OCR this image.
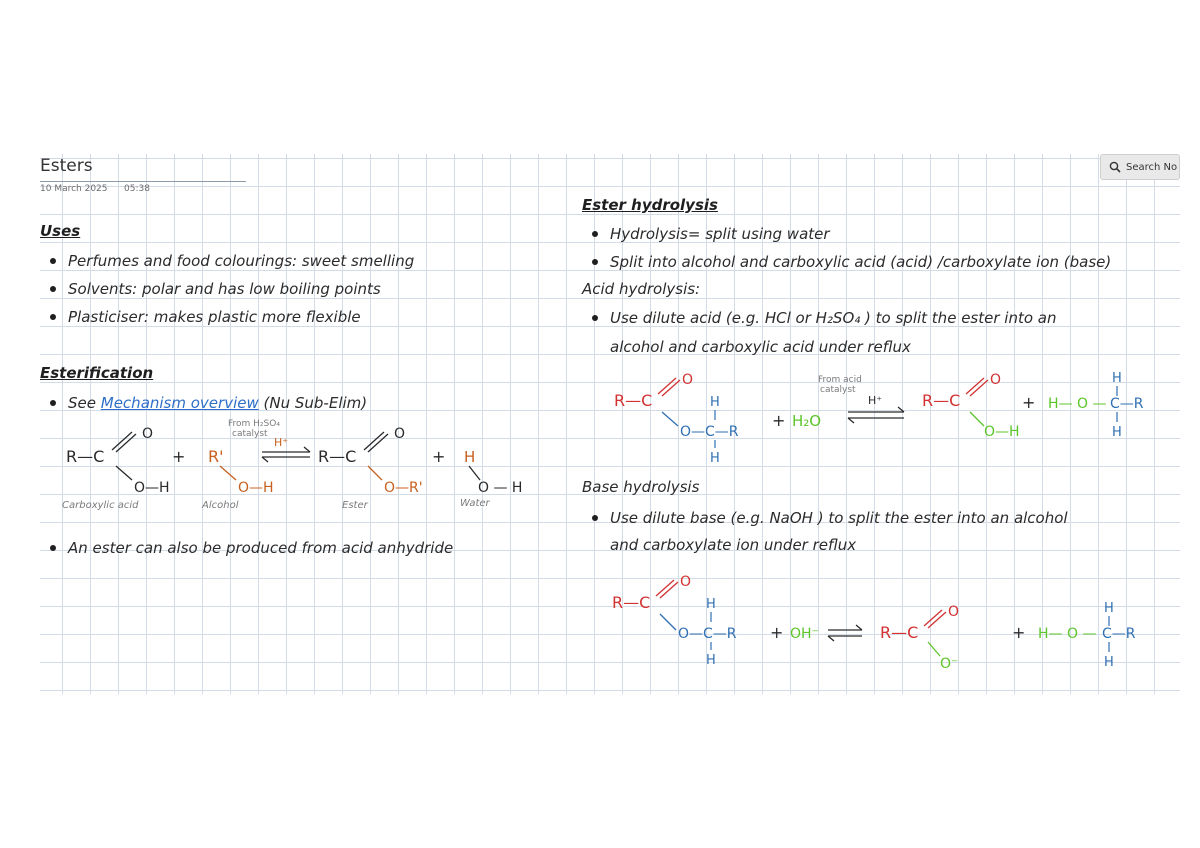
Esters
10 March 2025 05:38
Search No
Uses
Perfumes and food colourings: sweet smelling
Solvents: polar and has low boiling points
Plasticiser: makes plastic more flexible
Esterification
See Mechanism overview (Nu Sub-Elim)
R—C
O
O—H
+ R'
O—H
From H₂SO₄
catalyst
H⁺
R—C
O
O—R'
+ H
O — H
Carboxylic acid	Alcohol	Ester	Water
An ester can also be produced from acid anhydride
Ester hydrolysis
Hydrolysis= split using water
Split into alcohol and carboxylic acid (acid) /carboxylate ion (base)
Acid hydrolysis:
Use dilute acid (e.g. HCl or H₂SO₄ ) to split the ester into an
alcohol and carboxylic acid under reflux
R—C
O
H
O—C—R
H
+ H₂O
From acid
catalyst
H⁺ R—C
O
O—H
+ H— O —
H
C—R
H
Base hydrolysis
Use dilute base (e.g. NaOH ) to split the ester into an alcohol
and carboxylate ion under reflux
R—C
O
H
O—C—R
H
+ OH⁻	R—C
O
O⁻
+ H— O —
H
C—R
H
